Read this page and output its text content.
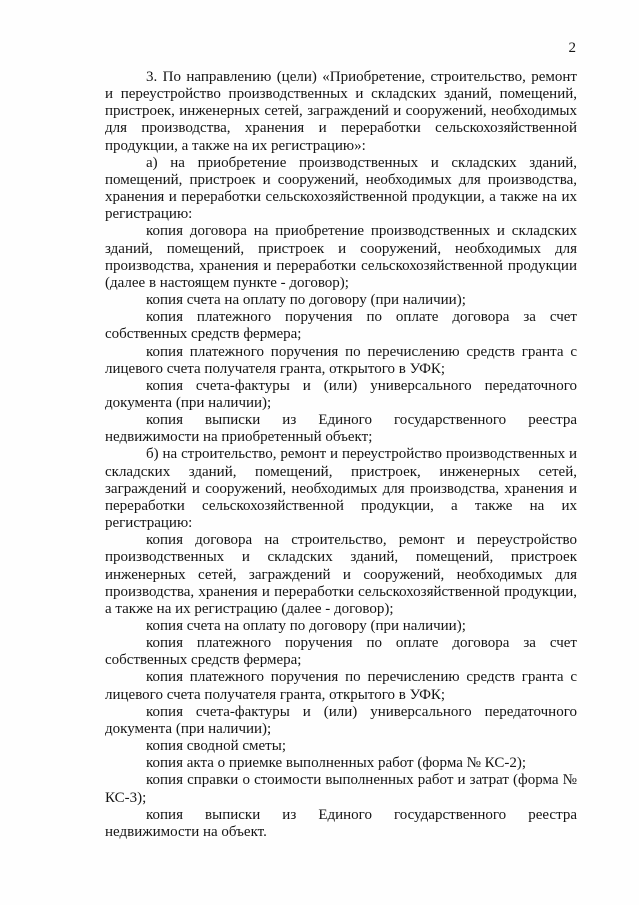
2

3. По направлению (цели) «Приобретение, строительство, ремонт и переустройство производственных и складских зданий, помещений, пристроек, инженерных сетей, заграждений и сооружений, необходимых для производства, хранения и переработки сельскохозяйственной продукции, а также на их регистрацию»:

а) на приобретение производственных и складских зданий, помещений, пристроек и сооружений, необходимых для производства, хранения и переработки сельскохозяйственной продукции, а также на их регистрацию:

копия договора на приобретение производственных и складских зданий, помещений, пристроек и сооружений, необходимых для производства, хранения и переработки сельскохозяйственной продукции (далее в настоящем пункте - договор);

копия счета на оплату по договору (при наличии);

копия платежного поручения по оплате договора за счет собственных средств фермера;

копия платежного поручения по перечислению средств гранта с лицевого счета получателя гранта, открытого в УФК;

копия счета-фактуры и (или) универсального передаточного документа (при наличии);

копия выписки из Единого государственного реестра недвижимости на приобретенный объект;

б) на строительство, ремонт и переустройство производственных и складских зданий, помещений, пристроек, инженерных сетей, заграждений и сооружений, необходимых для производства, хранения и переработки сельскохозяйственной продукции, а также на их регистрацию:

копия договора на строительство, ремонт и переустройство производственных и складских зданий, помещений, пристроек инженерных сетей, заграждений и сооружений, необходимых для производства, хранения и переработки сельскохозяйственной продукции, а также на их регистрацию (далее - договор);

копия счета на оплату по договору (при наличии);

копия платежного поручения по оплате договора за счет собственных средств фермера;

копия платежного поручения по перечислению средств гранта с лицевого счета получателя гранта, открытого в УФК;

копия счета-фактуры и (или) универсального передаточного документа (при наличии);

копия сводной сметы;

копия акта о приемке выполненных работ (форма № КС-2);

копия справки о стоимости выполненных работ и затрат (форма № КС-3);

копия выписки из Единого государственного реестра недвижимости на объект.
